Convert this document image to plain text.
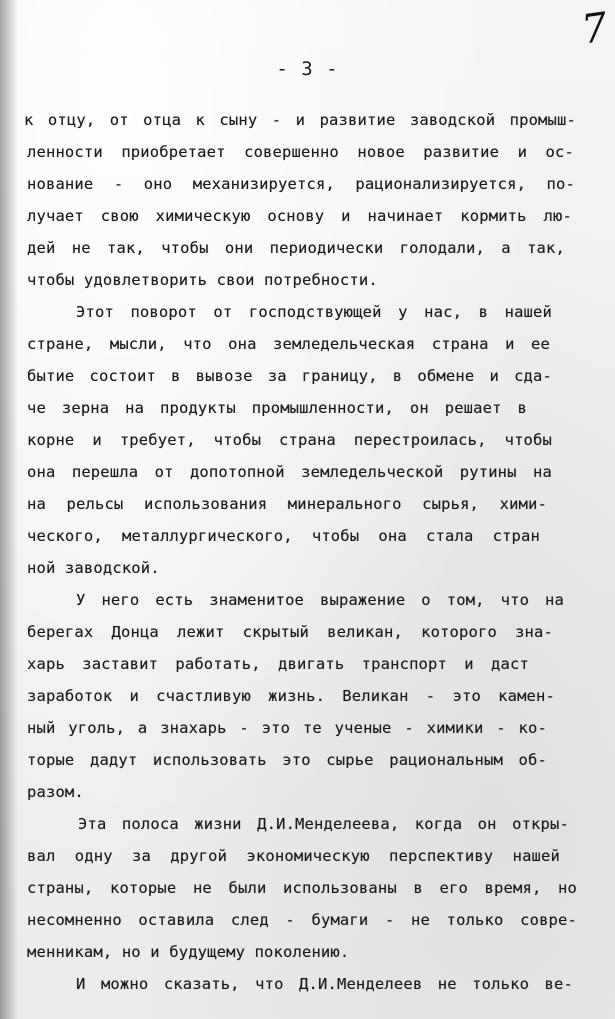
7
- 3 -
к отцу, от отца к сыну - и развитие заводской промыш-
ленности приобретает совершенно новое развитие и ос-
нование - оно механизируется, рационализируется, по-
лучает свою химическую основу и начинает кормить лю-
дей не так, чтобы они периодически голодали, а так,
чтобы удовлетворить свои потребности.
Этот поворот от господствующей у нас, в нашей
стране, мысли, что она земледельческая страна и ее
бытие состоит в вывозе за границу, в обмене и сда-
че зерна на продукты промышленности, он решает в
корне и требует, чтобы страна перестроилась, чтобы
она перешла от допотопной земледельческой рутины на
на рельсы использования минерального сырья, хими-
ческого, металлургического, чтобы она стала стран
ной заводской.
У него есть знаменитое выражение о том, что на
берегах Донца лежит скрытый великан, которого зна-
харь заставит работать, двигать транспорт и даст
заработок и счастливую жизнь. Великан - это камен-
ный уголь, а знахарь - это те ученые - химики - ко-
торые дадут использовать это сырье рациональным об-
разом.
Эта полоса жизни Д.И.Менделеева, когда он откры-
вал одну за другой экономическую перспективу нашей
страны, которые не были использованы в его время, но
несомненно оставила след - бумаги - не только совре-
менникам, но и будущему поколению.
И можно сказать, что Д.И.Менделеев не только ве-
